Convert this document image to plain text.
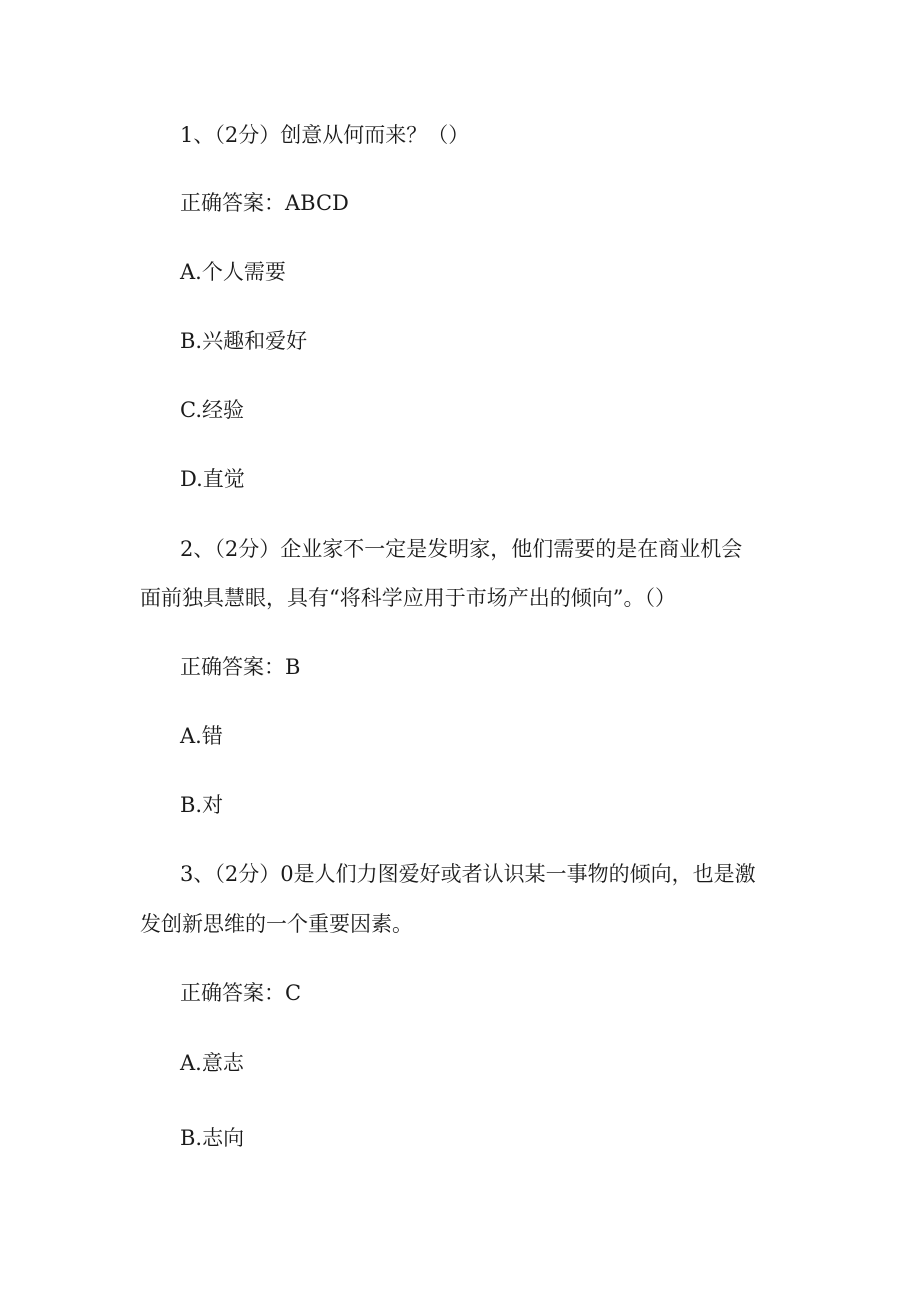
1、（2分）创意从何而来？（）
正确答案：ABCD
A.个人需要
B.兴趣和爱好
C.经验
D.直觉
2、（2分）企业家不一定是发明家，他们需要的是在商业机会
面前独具慧眼，具有“将科学应用于市场产出的倾向”。（）
正确答案：B
A.错
B.对
3、（2分）0是人们力图爱好或者认识某一事物的倾向，也是激
发创新思维的一个重要因素。
正确答案：C
A.意志
B.志向
